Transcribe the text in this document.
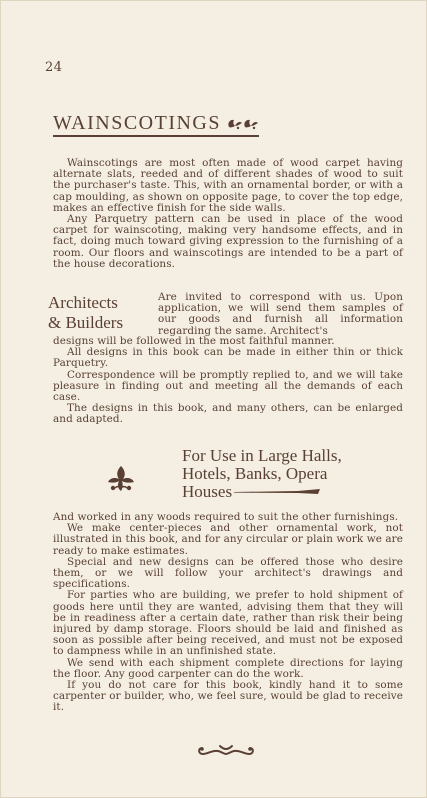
24
WAINSCOTINGS

Wainscotings are most often made of wood carpet having alternate slats, reeded and of different shades of wood to suit the purchaser's taste. This, with an ornamental border, or with a cap moulding, as shown on opposite page, to cover the top edge, makes an effective finish for the side walls.

Any Parquetry pattern can be used in place of the wood carpet for wainscoting, making very handsome effects, and in fact, doing much toward giving expression to the furnishing of a room. Our floors and wainscotings are intended to be a part of the house decorations.

Architects
& Builders

Are invited to correspond with us. Upon application, we will send them samples of our goods and furnish all information regarding the same. Architect's

designs will be followed in the most faithful manner.

All designs in this book can be made in either thin or thick Parquetry.

Correspondence will be promptly replied to, and we will take pleasure in finding out and meeting all the demands of each case.

The designs in this book, and many others, can be enlarged and adapted.

For Use in Large Halls,
Hotels, Banks, Opera
Houses

And worked in any woods required to suit the other furnishings.

We make center-pieces and other ornamental work, not illustrated in this book, and for any circular or plain work we are ready to make estimates.

Special and new designs can be offered those who desire them, or we will follow your architect's drawings and specifications.

For parties who are building, we prefer to hold shipment of goods here until they are wanted, advising them that they will be in readiness after a certain date, rather than risk their being injured by damp storage. Floors should be laid and finished as soon as possible after being received, and must not be exposed to dampness while in an unfinished state.

We send with each shipment complete directions for laying the floor. Any good carpenter can do the work.

If you do not care for this book, kindly hand it to some carpenter or builder, who, we feel sure, would be glad to receive it.
